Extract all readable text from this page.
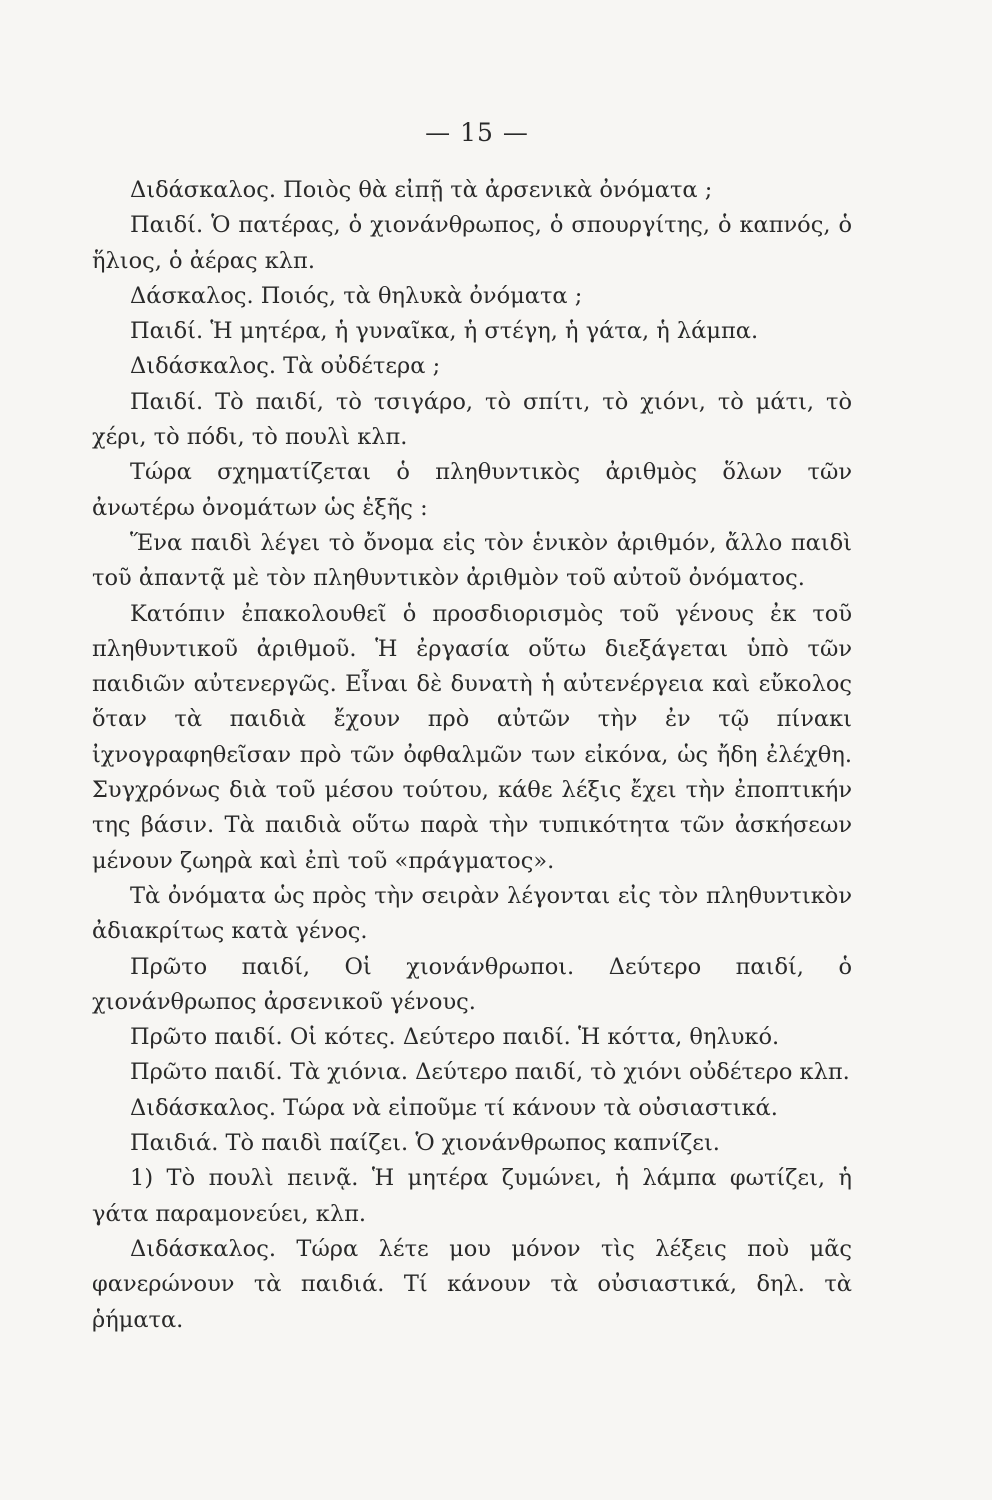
— 15 —

Διδάσκαλος. Ποιὸς θὰ εἰπῇ τὰ ἀρσενικὰ ὀνόματα ;

Παιδί. Ὁ πατέρας, ὁ χιονάνθρωπος, ὁ σπουργίτης, ὁ καπνός, ὁ ἥλιος, ὁ ἀέρας κλπ.

Δάσκαλος. Ποιός, τὰ θηλυκὰ ὀνόματα ;

Παιδί. Ἡ μητέρα, ἡ γυναῖκα, ἡ στέγη, ἡ γάτα, ἡ λάμπα.

Διδάσκαλος. Τὰ οὐδέτερα ;

Παιδί. Τὸ παιδί, τὸ τσιγάρο, τὸ σπίτι, τὸ χιόνι, τὸ μάτι, τὸ χέρι, τὸ πόδι, τὸ πουλὶ κλπ.

Τώρα σχηματίζεται ὁ πληθυντικὸς ἀριθμὸς ὅλων τῶν ἀνωτέρω ὀνομάτων ὡς ἑξῆς :

Ἕνα παιδὶ λέγει τὸ ὄνομα εἰς τὸν ἑνικὸν ἀριθμόν, ἄλλο παιδὶ τοῦ ἀπαντᾷ μὲ τὸν πληθυντικὸν ἀριθμὸν τοῦ αὐτοῦ ὀνόματος.

Κατόπιν ἐπακολουθεῖ ὁ προσδιορισμὸς τοῦ γένους ἐκ τοῦ πληθυντικοῦ ἀριθμοῦ. Ἡ ἐργασία οὕτω διεξάγεται ὑπὸ τῶν παιδιῶν αὐτενεργῶς. Εἶναι δὲ δυνατὴ ἡ αὐτενέργεια καὶ εὔκολος ὅταν τὰ παιδιὰ ἔχουν πρὸ αὐτῶν τὴν ἐν τῷ πίνακι ἰχνογραφηθεῖσαν πρὸ τῶν ὀφθαλμῶν των εἰκόνα, ὡς ἤδη ἐλέχθη. Συγχρόνως διὰ τοῦ μέσου τούτου, κάθε λέξις ἔχει τὴν ἐποπτικήν της βάσιν. Τὰ παιδιὰ οὕτω παρὰ τὴν τυπικότητα τῶν ἀσκήσεων μένουν ζωηρὰ καὶ ἐπὶ τοῦ «πράγματος».

Τὰ ὀνόματα ὡς πρὸς τὴν σειρὰν λέγονται εἰς τὸν πληθυντικὸν ἀδιακρίτως κατὰ γένος.

Πρῶτο παιδί, Οἱ χιονάνθρωποι. Δεύτερο παιδί, ὁ χιονάνθρωπος ἀρσενικοῦ γένους.

Πρῶτο παιδί. Οἱ κότες. Δεύτερο παιδί. Ἡ κόττα, θηλυκό.

Πρῶτο παιδί. Τὰ χιόνια. Δεύτερο παιδί, τὸ χιόνι οὐδέτερο κλπ.

Διδάσκαλος. Τώρα νὰ εἰποῦμε τί κάνουν τὰ οὐσιαστικά.

Παιδιά. Τὸ παιδὶ παίζει. Ὁ χιονάνθρωπος καπνίζει.

1) Τὸ πουλὶ πεινᾷ. Ἡ μητέρα ζυμώνει, ἡ λάμπα φωτίζει, ἡ γάτα παραμονεύει, κλπ.

Διδάσκαλος. Τώρα λέτε μου μόνον τὶς λέξεις ποὺ μᾶς φανερώνουν τὰ παιδιά. Τί κάνουν τὰ οὐσιαστικά, δηλ. τὰ ῥήματα.
